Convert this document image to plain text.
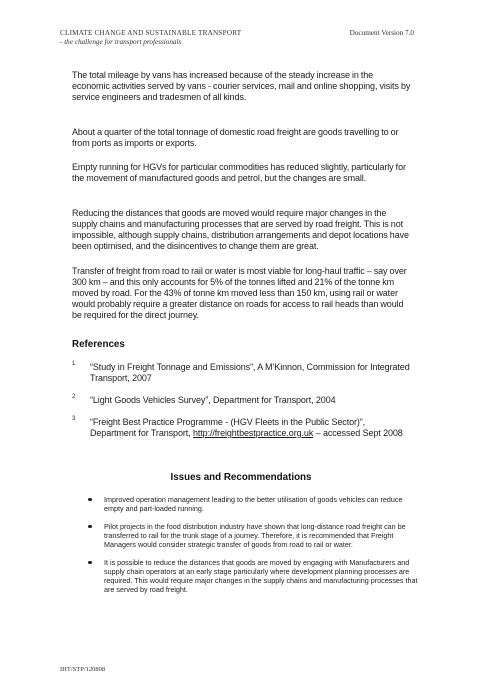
CLIMATE CHANGE AND SUSTAINABLE TRANSPORT	Document Version 7.0
- the challenge for transport professionals

The total mileage by vans has increased because of the steady increase in the economic activities served by vans - courier services, mail and online shopping, visits by service engineers and tradesmen of all kinds.

About a quarter of the total tonnage of domestic road freight are goods travelling to or from ports as imports or exports.

Empty running for HGVs for particular commodities has reduced slightly, particularly for the movement of manufactured goods and petrol, but the changes are small.

Reducing the distances that goods are moved would require major changes in the supply chains and manufacturing processes that are served by road freight. This is not impossible, although supply chains, distribution arrangements and depot locations have been optimised, and the disincentives to change them are great.

Transfer of freight from road to rail or water is most viable for long-haul traffic – say over 300 km – and this only accounts for 5% of the tonnes lifted and 21% of the tonne km moved by road. For the 43% of tonne km moved less than 150 km, using rail or water would probably require a greater distance on roads for access to rail heads than would be required for the direct journey.

References
1 “Study in Freight Tonnage and Emissions”, A M’Kinnon, Commission for Integrated Transport, 2007
2 “Light Goods Vehicles Survey”, Department for Transport, 2004
3 “Freight Best Practice Programme - (HGV Fleets in the Public Sector)”, Department for Transport, http://freightbestpractice.org.uk – accessed Sept 2008
Issues and Recommendations
Improved operation management leading to the better utilisation of goods vehicles can reduce empty and part-loaded running.
Pilot projects in the food distribution industry have shown that long-distance road freight can be transferred to rail for the trunk stage of a journey. Therefore, it is recommended that Freight Managers would consider strategic transfer of goods from road to rail or water.
It is possible to reduce the distances that goods are moved by engaging with Manufacturers and supply chain operators at an early stage particularly where development planning processes are required. This would require major changes in the supply chains and manufacturing processes that are served by road freight.
IHT/STP/120808
